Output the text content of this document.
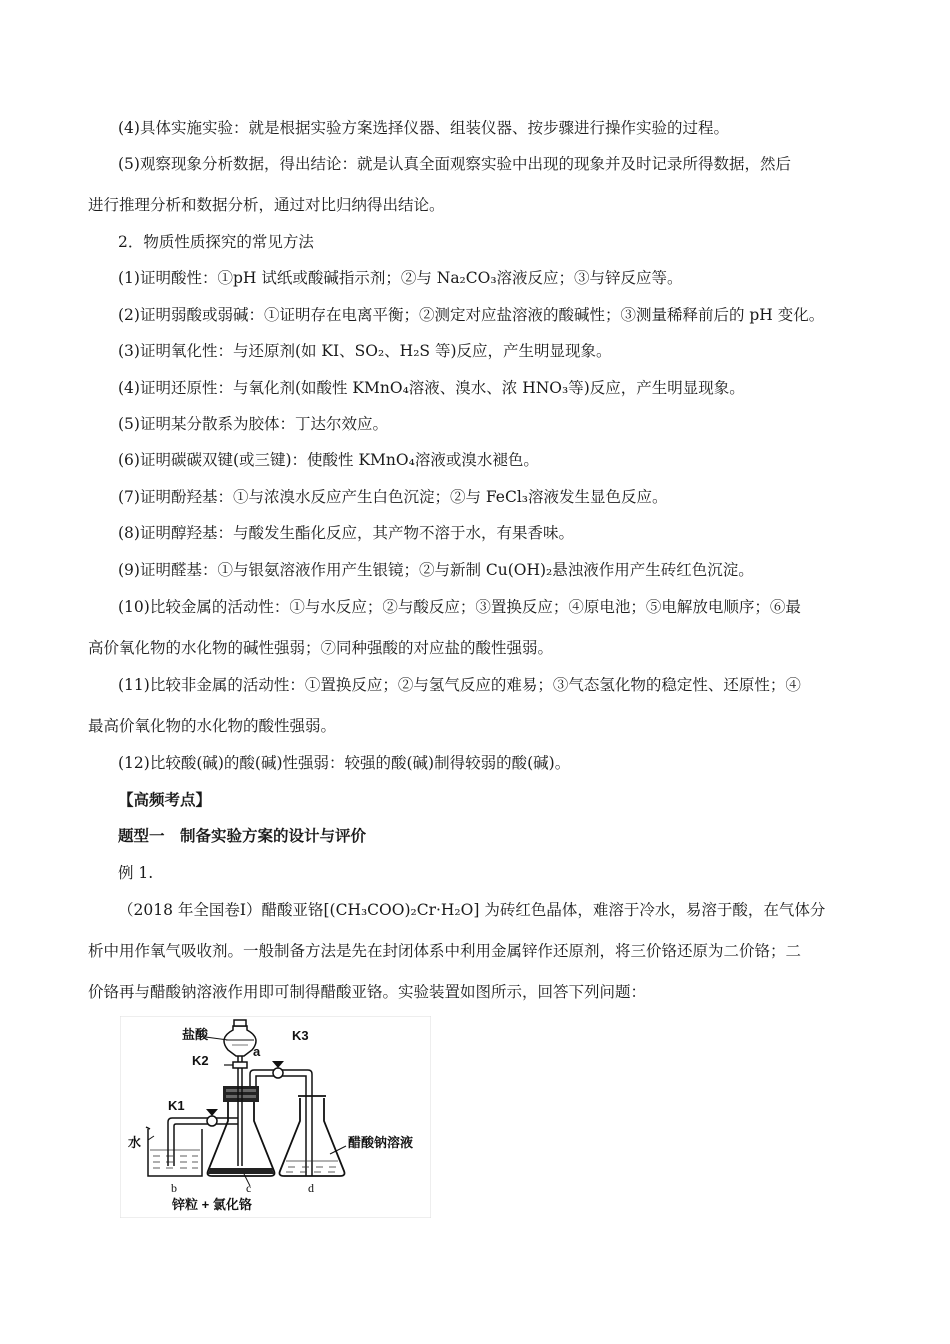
(4)具体实施实验：就是根据实验方案选择仪器、组装仪器、按步骤进行操作实验的过程。
(5)观察现象分析数据，得出结论：就是认真全面观察实验中出现的现象并及时记录所得数据，然后
进行推理分析和数据分析，通过对比归纳得出结论。
2．物质性质探究的常见方法
(1)证明酸性：①pH 试纸或酸碱指示剂；②与 Na₂CO₃溶液反应；③与锌反应等。
(2)证明弱酸或弱碱：①证明存在电离平衡；②测定对应盐溶液的酸碱性；③测量稀释前后的 pH 变化。
(3)证明氧化性：与还原剂(如 KI、SO₂、H₂S 等)反应，产生明显现象。
(4)证明还原性：与氧化剂(如酸性 KMnO₄溶液、溴水、浓 HNO₃等)反应，产生明显现象。
(5)证明某分散系为胶体：丁达尔效应。
(6)证明碳碳双键(或三键)：使酸性 KMnO₄溶液或溴水褪色。
(7)证明酚羟基：①与浓溴水反应产生白色沉淀；②与 FeCl₃溶液发生显色反应。
(8)证明醇羟基：与酸发生酯化反应，其产物不溶于水，有果香味。
(9)证明醛基：①与银氨溶液作用产生银镜；②与新制 Cu(OH)₂悬浊液作用产生砖红色沉淀。
(10)比较金属的活动性：①与水反应；②与酸反应；③置换反应；④原电池；⑤电解放电顺序；⑥最
高价氧化物的水化物的碱性强弱；⑦同种强酸的对应盐的酸性强弱。
(11)比较非金属的活动性：①置换反应；②与氢气反应的难易；③气态氢化物的稳定性、还原性；④
最高价氧化物的水化物的酸性强弱。
(12)比较酸(碱)的酸(碱)性强弱：较强的酸(碱)制得较弱的酸(碱)。
【高频考点】
题型一　制备实验方案的设计与评价
例 1.
（2018 年全国卷Ⅰ）醋酸亚铬[(CH₃COO)₂Cr·H₂O] 为砖红色晶体，难溶于冷水，易溶于酸，在气体分
析中用作氧气吸收剂。一般制备方法是先在封闭体系中利用金属锌作还原剂，将三价铬还原为二价铬；二
价铬再与醋酸钠溶液作用即可制得醋酸亚铬。实验装置如图所示，回答下列问题：
盐酸	K3
K2
a
K1
水	醋酸钠溶液
b	c	d
锌粒 + 氯化铬
